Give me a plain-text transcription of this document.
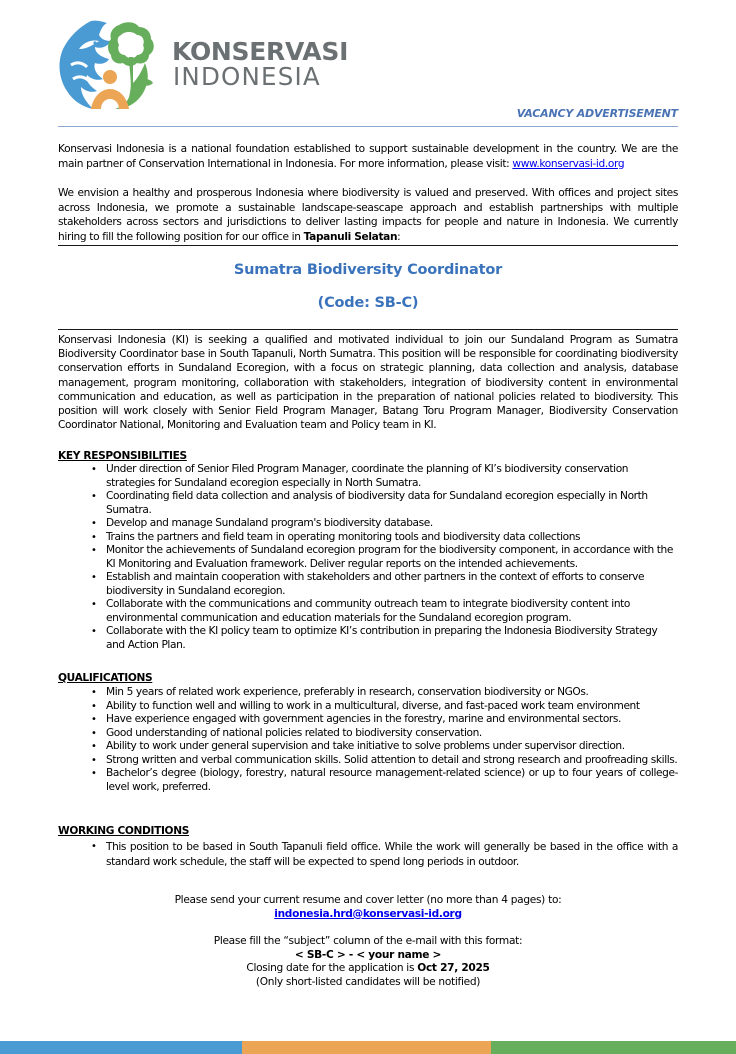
KONSERVASI
INDONESIA
VACANCY ADVERTISEMENT
Konservasi Indonesia is a national foundation established to support sustainable development in the country. We are the main partner of Conservation International in Indonesia. For more information, please visit: www.konservasi-id.org
We envision a healthy and prosperous Indonesia where biodiversity is valued and preserved. With offices and project sites across Indonesia, we promote a sustainable landscape-seascape approach and establish partnerships with multiple stakeholders across sectors and jurisdictions to deliver lasting impacts for people and nature in Indonesia. We currently hiring to fill the following position for our office in Tapanuli Selatan:
Sumatra Biodiversity Coordinator
(Code: SB-C)
Konservasi Indonesia (KI) is seeking a qualified and motivated individual to join our Sundaland Program as Sumatra Biodiversity Coordinator base in South Tapanuli, North Sumatra. This position will be responsible for coordinating biodiversity conservation efforts in Sundaland Ecoregion, with a focus on strategic planning, data collection and analysis, database management, program monitoring, collaboration with stakeholders, integration of biodiversity content in environmental communication and education, as well as participation in the preparation of national policies related to biodiversity. This position will work closely with Senior Field Program Manager, Batang Toru Program Manager, Biodiversity Conservation Coordinator National, Monitoring and Evaluation team and Policy team in KI.
KEY RESPONSIBILITIES
• Under direction of Senior Filed Program Manager, coordinate the planning of KI’s biodiversity conservation strategies for Sundaland ecoregion especially in North Sumatra.
• Coordinating field data collection and analysis of biodiversity data for Sundaland ecoregion especially in North Sumatra.
• Develop and manage Sundaland program's biodiversity database.
• Trains the partners and field team in operating monitoring tools and biodiversity data collections
• Monitor the achievements of Sundaland ecoregion program for the biodiversity component, in accordance with the KI Monitoring and Evaluation framework. Deliver regular reports on the intended achievements.
• Establish and maintain cooperation with stakeholders and other partners in the context of efforts to conserve biodiversity in Sundaland ecoregion.
• Collaborate with the communications and community outreach team to integrate biodiversity content into environmental communication and education materials for the Sundaland ecoregion program.
• Collaborate with the KI policy team to optimize KI’s contribution in preparing the Indonesia Biodiversity Strategy and Action Plan.
QUALIFICATIONS
• Min 5 years of related work experience, preferably in research, conservation biodiversity or NGOs.
• Ability to function well and willing to work in a multicultural, diverse, and fast-paced work team environment
• Have experience engaged with government agencies in the forestry, marine and environmental sectors.
• Good understanding of national policies related to biodiversity conservation.
• Ability to work under general supervision and take initiative to solve problems under supervisor direction.
• Strong written and verbal communication skills. Solid attention to detail and strong research and proofreading skills.
• Bachelor’s degree (biology, forestry, natural resource management-related science) or up to four years of college-level work, preferred.
WORKING CONDITIONS
• This position to be based in South Tapanuli field office. While the work will generally be based in the office with a standard work schedule, the staff will be expected to spend long periods in outdoor.
Please send your current resume and cover letter (no more than 4 pages) to:
indonesia.hrd@konservasi-id.org
Please fill the “subject” column of the e-mail with this format:
< SB-C > - < your name >
Closing date for the application is Oct 27, 2025
(Only short-listed candidates will be notified)
